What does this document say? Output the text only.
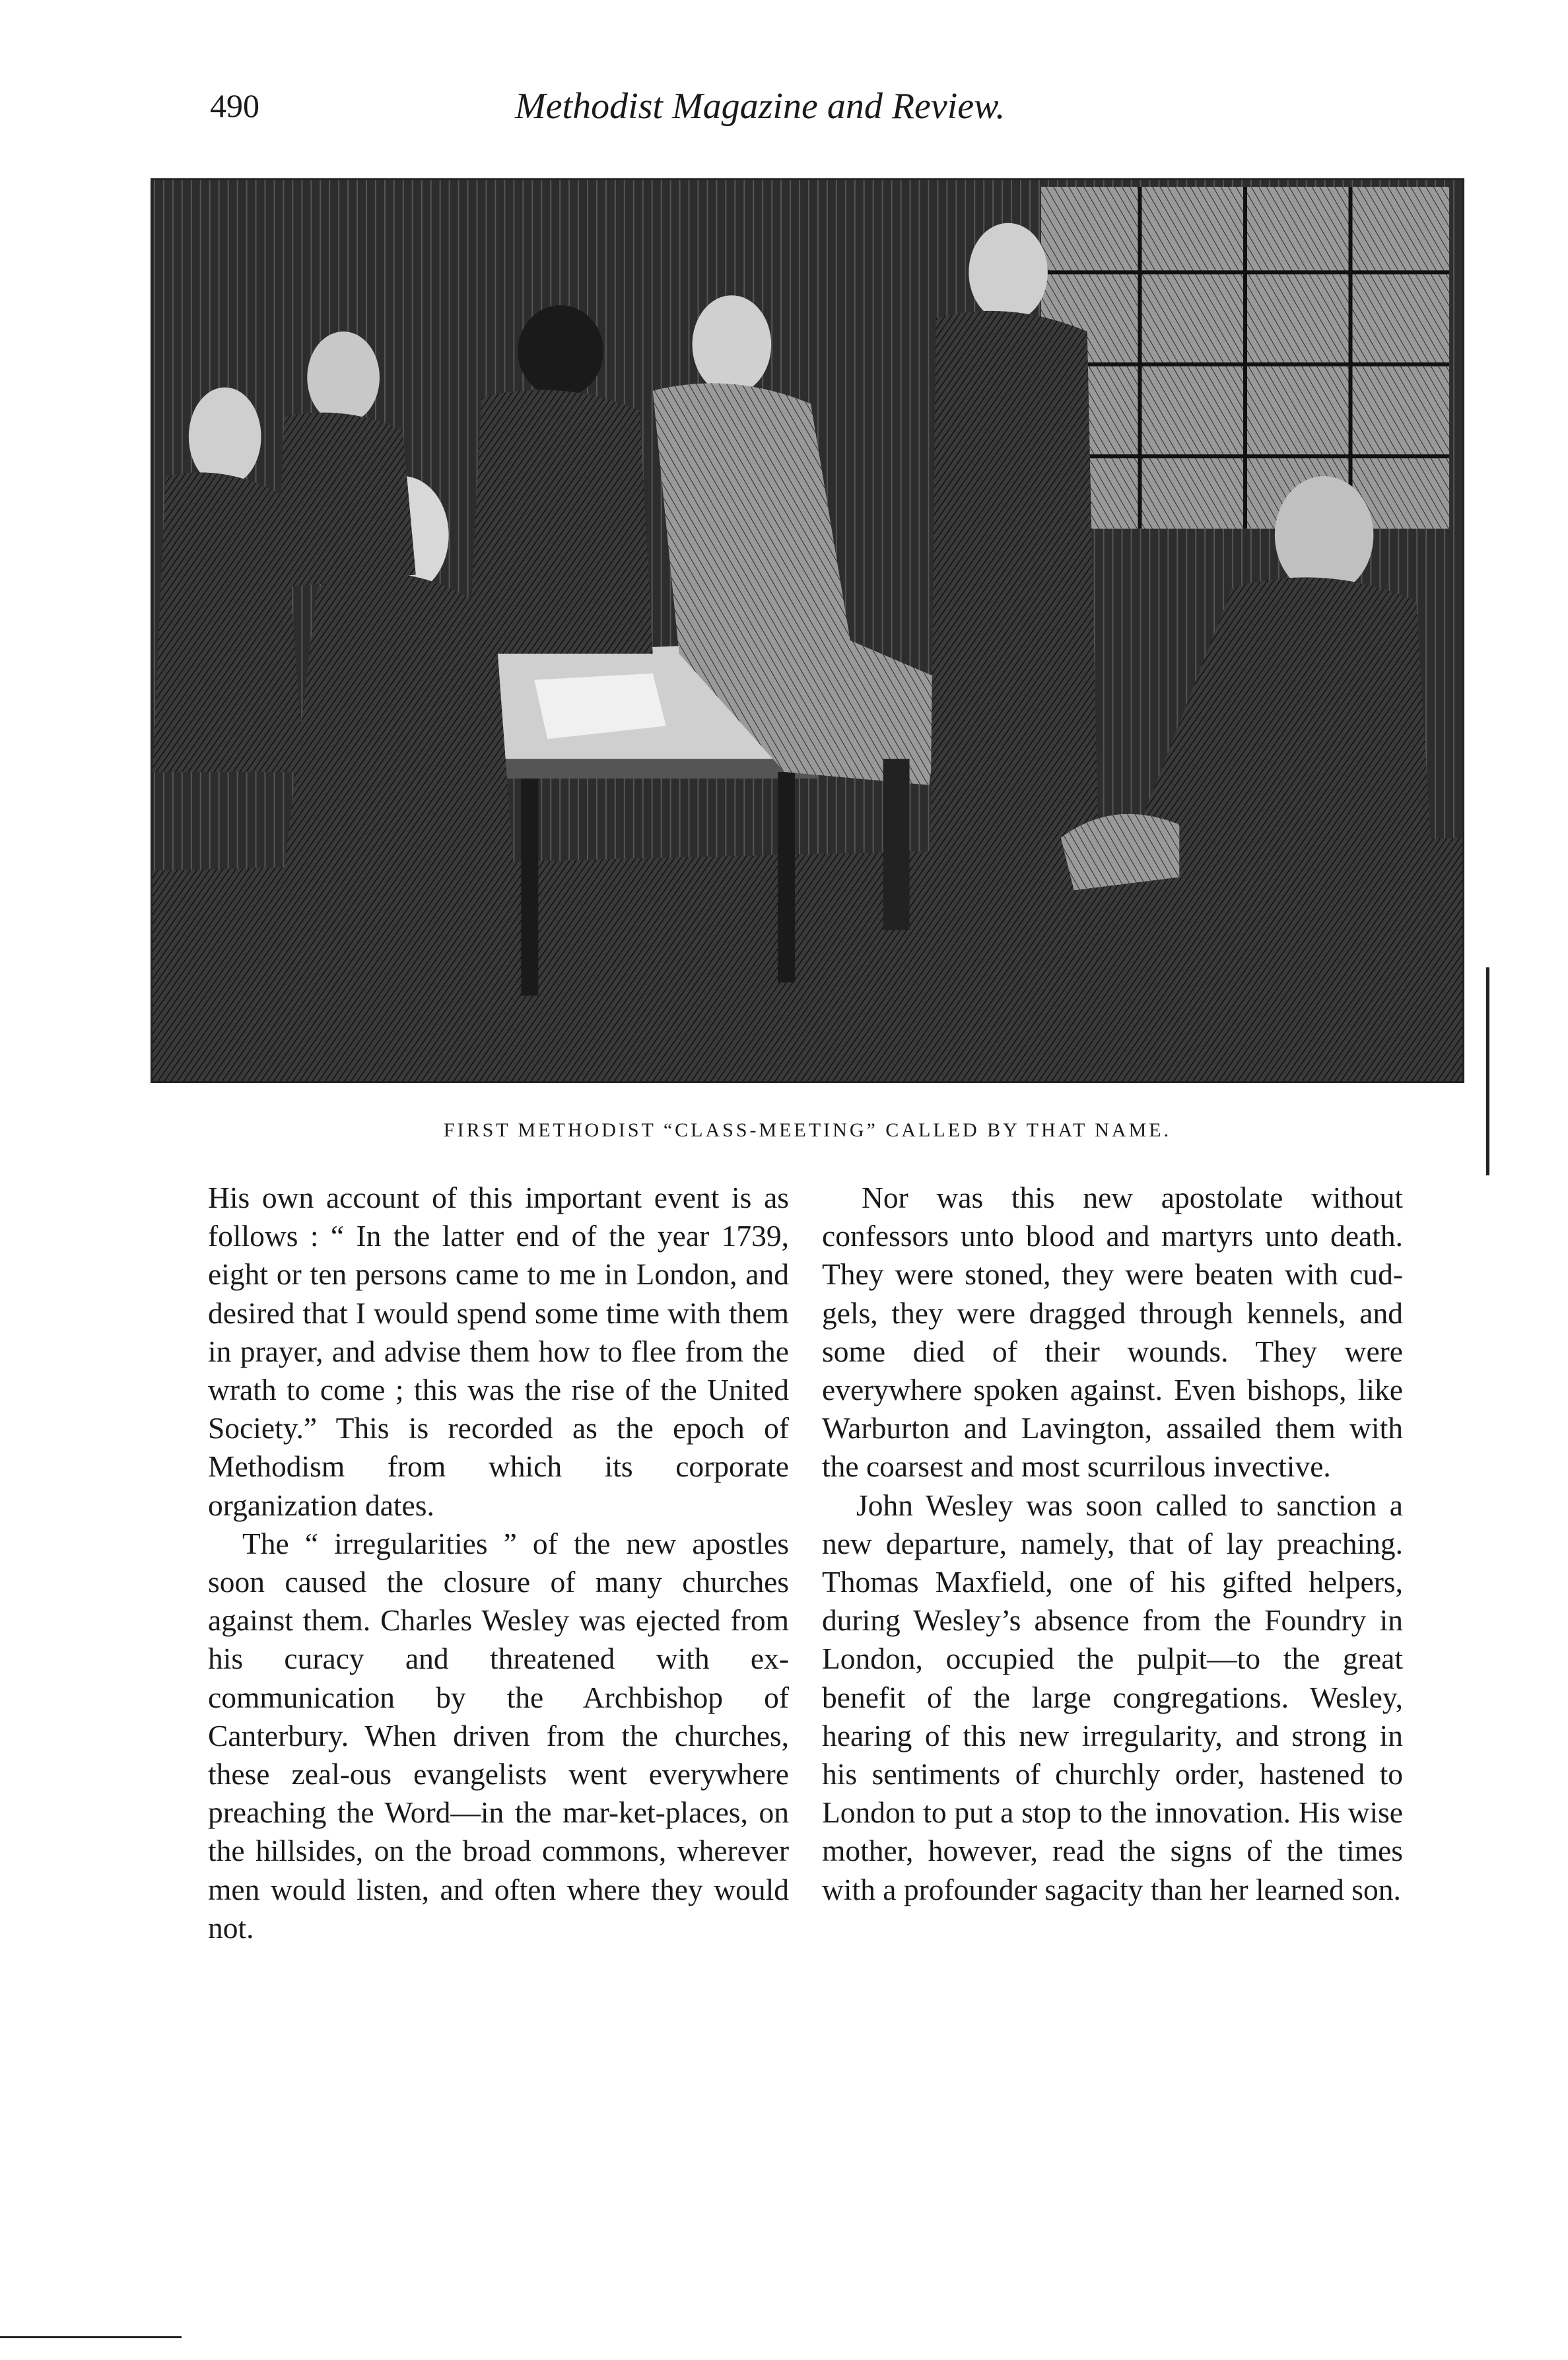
490	Methodist Magazine and Review.
FIRST METHODIST “CLASS-MEETING” CALLED BY THAT NAME.

His own account of this important event is as follows : “ In the latter end of the year 1739, eight or ten persons came to me in London, and desired that I would spend some time with them in prayer, and advise them how to flee from the wrath to come ; this was the rise of the United Society.” This is recorded as the epoch of Methodism from which its corporate organization dates.

The “ irregularities ” of the new apostles soon caused the closure of many churches against them. Charles Wesley was ejected from his curacy and threatened with ex-communication by the Archbishop of Canterbury. When driven from the churches, these zeal-ous evangelists went everywhere preaching the Word—in the mar-ket-places, on the hillsides, on the broad commons, wherever men would listen, and often where they would not.

Nor was this new apostolate without confessors unto blood and martyrs unto death. They were stoned, they were beaten with cud-gels, they were dragged through kennels, and some died of their wounds. They were everywhere spoken against. Even bishops, like Warburton and Lavington, assailed them with the coarsest and most scurrilous invective.

John Wesley was soon called to sanction a new departure, namely, that of lay preaching. Thomas Maxfield, one of his gifted helpers, during Wesley’s absence from the Foundry in London, occupied the pulpit—to the great benefit of the large congregations. Wesley, hearing of this new irregularity, and strong in his sentiments of churchly order, hastened to London to put a stop to the innovation. His wise mother, however, read the signs of the times with a profounder sagacity than her learned son.
